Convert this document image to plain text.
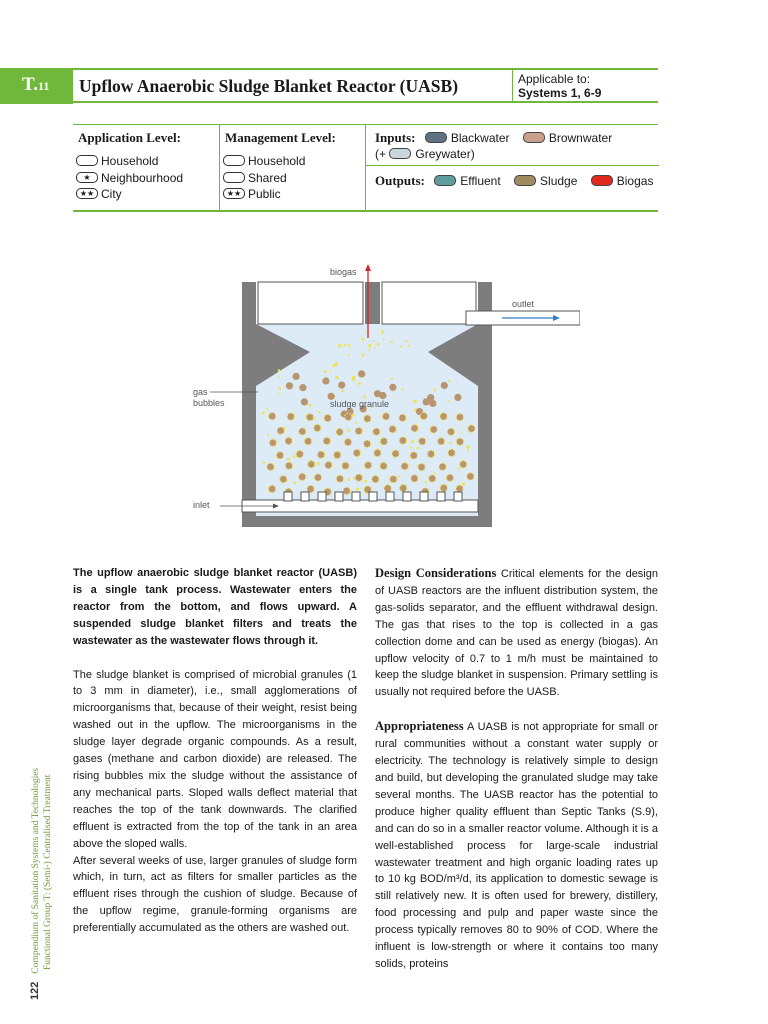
T.11 Upflow Anaerobic Sludge Blanket Reactor (UASB)	Applicable to:
Systems 1, 6-9
Application Level:
Household
★ Neighbourhood
★★ City
Management Level:
Household
Shared
★★ Public
Inputs:	Blackwater	Brownwater
(+ Greywater)
Outputs:	Effluent	Sludge	Biogas
biogas
outlet
gas
bubbles	sludge granule
inlet

The upflow anaerobic sludge blanket reactor (UASB) is a single tank process. Wastewater enters the reactor from the bottom, and flows upward. A suspended sludge blanket filters and treats the wastewater as the wastewater flows through it.

The sludge blanket is comprised of microbial granules (1 to 3 mm in diameter), i.e., small agglomerations of microorganisms that, because of their weight, resist being washed out in the upflow. The microorganisms in the sludge layer degrade organic compounds. As a result, gases (methane and carbon dioxide) are released. The rising bubbles mix the sludge without the assistance of any mechanical parts. Sloped walls deflect material that reaches the top of the tank downwards. The clarified effluent is extracted from the top of the tank in an area above the sloped walls.

After several weeks of use, larger granules of sludge form which, in turn, act as filters for smaller particles as the effluent rises through the cushion of sludge. Because of the upflow regime, granule-forming organisms are preferentially accumulated as the others are washed out.

Design Considerations Critical elements for the design of UASB reactors are the influent distribution system, the gas-solids separator, and the effluent withdrawal design. The gas that rises to the top is collected in a gas collection dome and can be used as energy (biogas). An upflow velocity of 0.7 to 1 m/h must be maintained to keep the sludge blanket in suspension. Primary settling is usually not required before the UASB.

Appropriateness A UASB is not appropriate for small or rural communities without a constant water supply or electricity. The technology is relatively simple to design and build, but developing the granulated sludge may take several months. The UASB reactor has the potential to produce higher quality effluent than Septic Tanks (S.9), and can do so in a smaller reactor volume. Although it is a well-established process for large-scale industrial wastewater treatment and high organic loading rates up to 10 kg BOD/m³/d, its application to domestic sewage is still relatively new. It is often used for brewery, distillery, food processing and pulp and paper waste since the process typically removes 80 to 90% of COD. Where the influent is low-strength or where it contains too many solids, proteins

122Compendium of Sanitation Systems and Technologies Functional Group T: (Semi-) Centralised Treatment
